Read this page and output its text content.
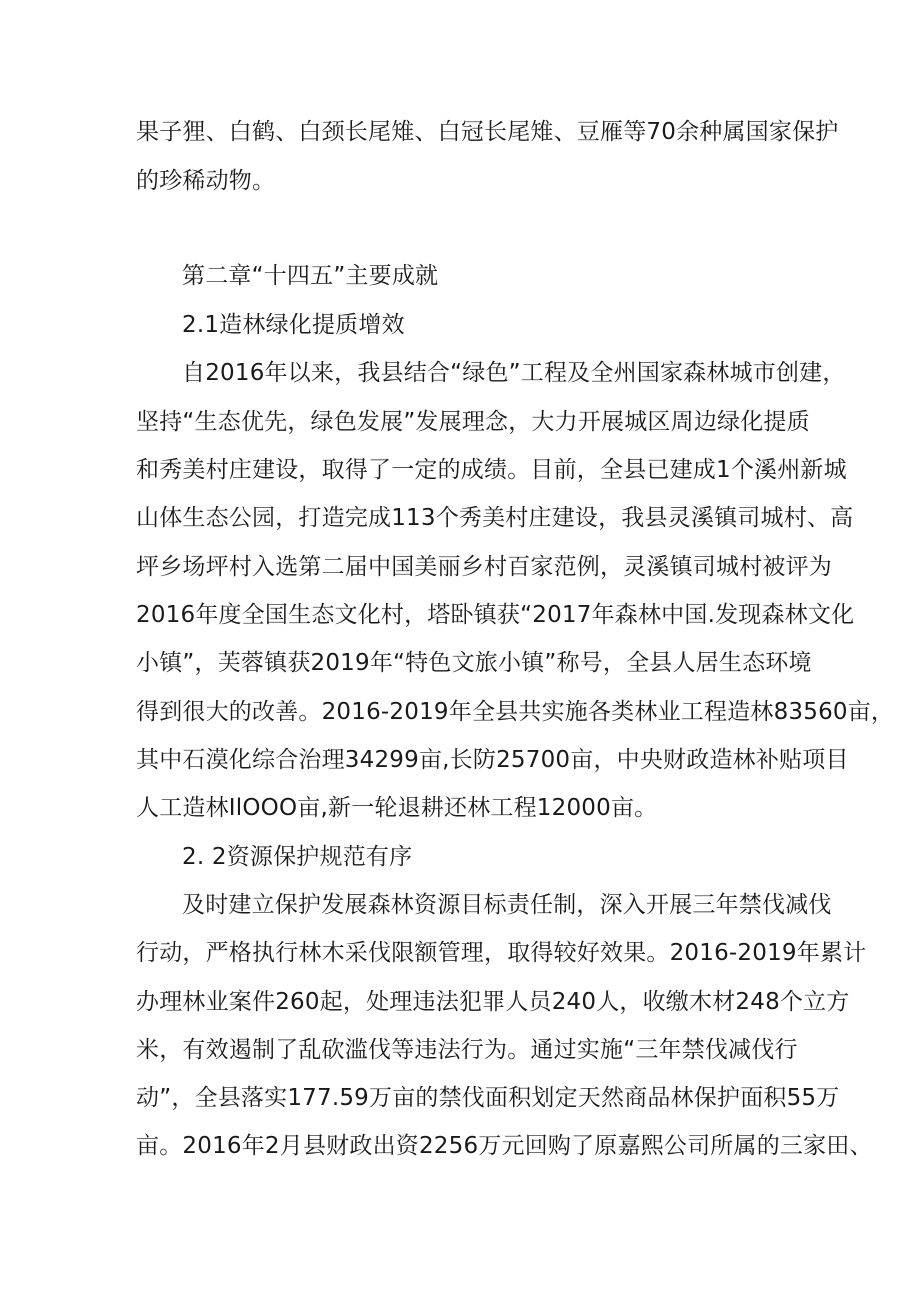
果子狸、白鹤、白颈长尾雉、白冠长尾雉、豆雁等70余种属国家保护
的珍稀动物。
第二章“十四五”主要成就
2.1造林绿化提质增效
自2016年以来，我县结合“绿色”工程及全州国家森林城市创建，
坚持“生态优先，绿色发展”发展理念，大力开展城区周边绿化提质
和秀美村庄建设，取得了一定的成绩。目前，全县已建成1个溪州新城
山体生态公园，打造完成113个秀美村庄建设，我县灵溪镇司城村、高
坪乡场坪村入选第二届中国美丽乡村百家范例，灵溪镇司城村被评为
2016年度全国生态文化村，塔卧镇获“2017年森林中国.发现森林文化
小镇”，芙蓉镇获2019年“特色文旅小镇”称号，全县人居生态环境
得到很大的改善。2016-2019年全县共实施各类林业工程造林83560亩，
其中石漠化综合治理34299亩,长防25700亩，中央财政造林补贴项目
人工造林IlOOO亩,新一轮退耕还林工程12000亩。
2. 2资源保护规范有序
及时建立保护发展森林资源目标责任制，深入开展三年禁伐减伐
行动，严格执行林木采伐限额管理，取得较好效果。2016-2019年累计
办理林业案件260起，处理违法犯罪人员240人，收缴木材248个立方
米，有效遏制了乱砍滥伐等违法行为。通过实施“三年禁伐减伐行
动”，全县落实177.59万亩的禁伐面积划定天然商品林保护面积55万
亩。2016年2月县财政出资2256万元回购了原嘉熙公司所属的三家田、
